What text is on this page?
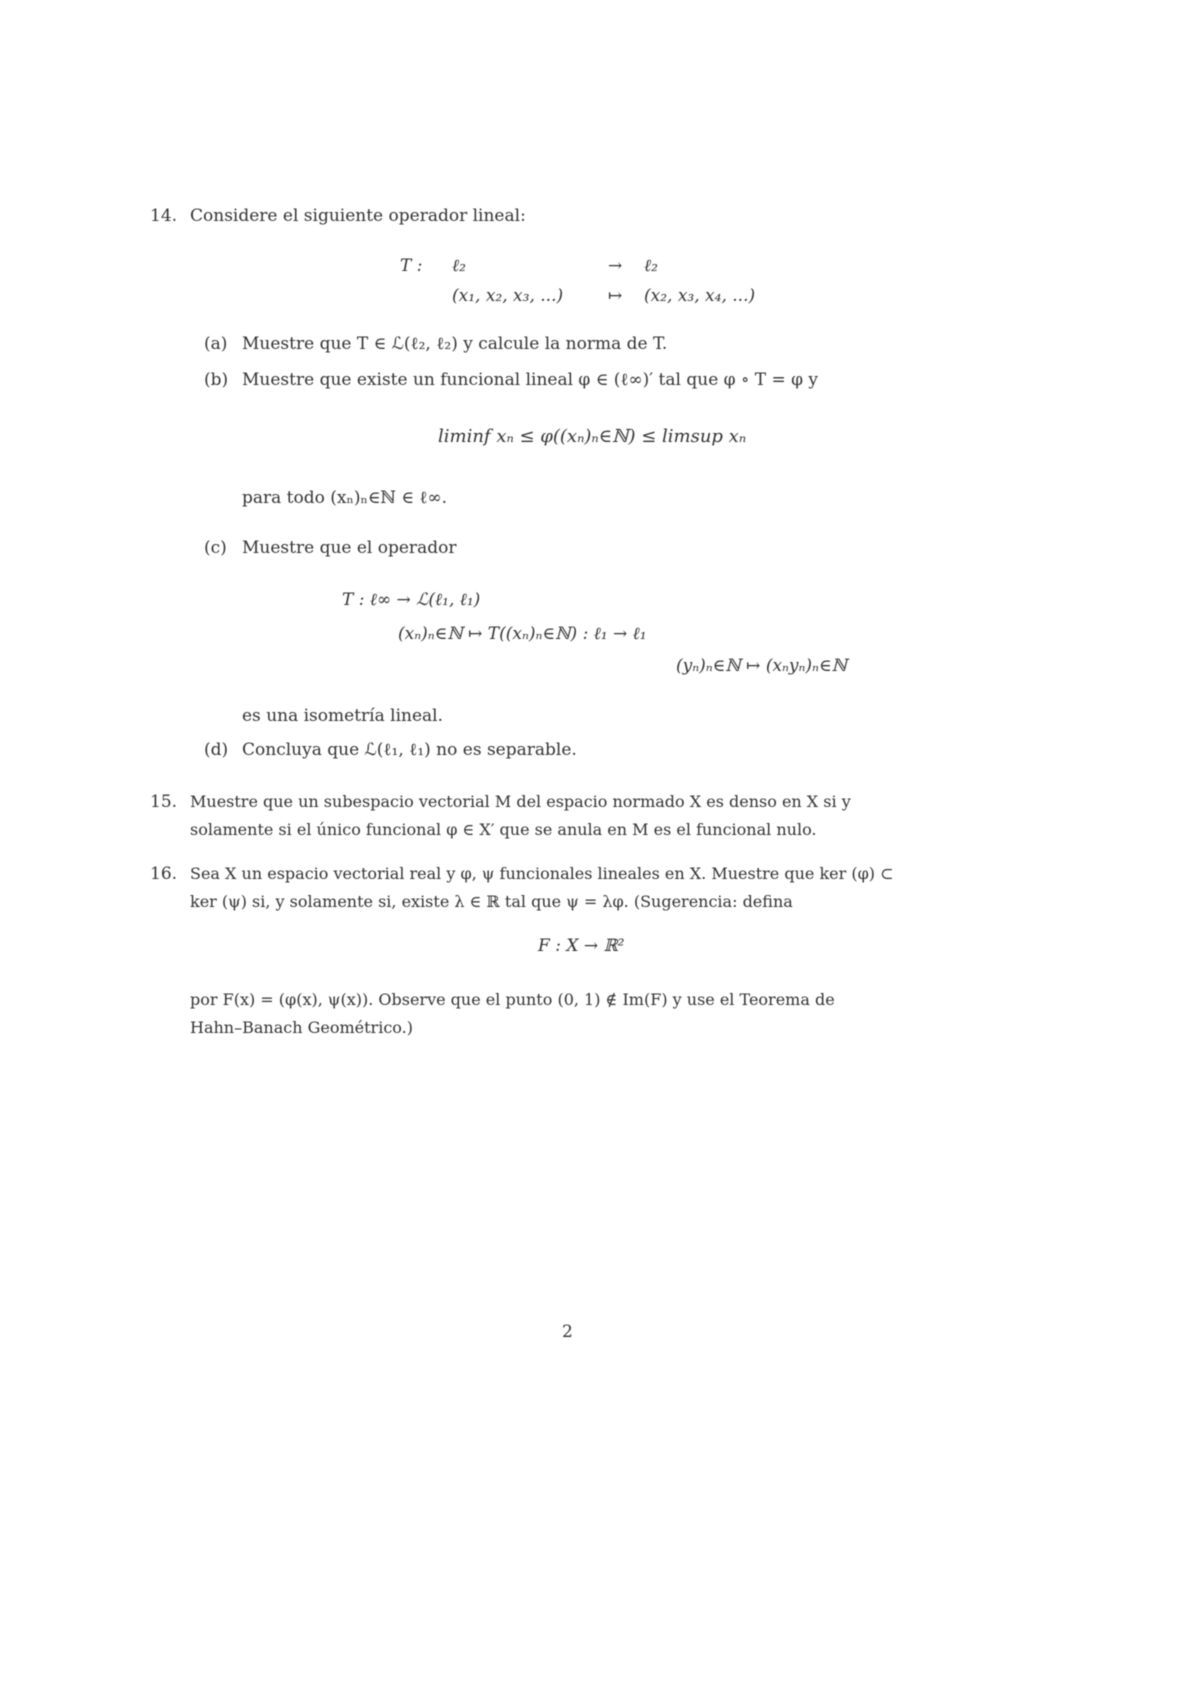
14. Considere el siguiente operador lineal:
T : ℓ₂	→ ℓ₂
(x₁, x₂, x₃, ...)	↦ (x₂, x₃, x₄, ...)
(a) Muestre que T ∈ ℒ(ℓ₂, ℓ₂) y calcule la norma de T.
(b) Muestre que existe un funcional lineal φ ∈ (ℓ∞)′ tal que φ ∘ T = φ y
liminf xₙ ≤ φ((xₙ)ₙ∈ℕ) ≤ limsup xₙ
para todo (xₙ)ₙ∈ℕ ∈ ℓ∞.
(c) Muestre que el operador
T : ℓ∞ → ℒ(ℓ₁, ℓ₁)
(xₙ)ₙ∈ℕ ↦ T((xₙ)ₙ∈ℕ) : ℓ₁ → ℓ₁
(yₙ)ₙ∈ℕ ↦ (xₙyₙ)ₙ∈ℕ
es una isometría lineal.
(d) Concluya que ℒ(ℓ₁, ℓ₁) no es separable.
15. Muestre que un subespacio vectorial M del espacio normado X es denso en X si y
solamente si el único funcional φ ∈ X′ que se anula en M es el funcional nulo.
16. Sea X un espacio vectorial real y φ, ψ funcionales lineales en X. Muestre que ker (φ) ⊂
ker (ψ) si, y solamente si, existe λ ∈ ℝ tal que ψ = λφ. (Sugerencia: defina
F : X → ℝ²
por F(x) = (φ(x), ψ(x)). Observe que el punto (0, 1) ∉ Im(F) y use el Teorema de
Hahn–Banach Geométrico.)
2
